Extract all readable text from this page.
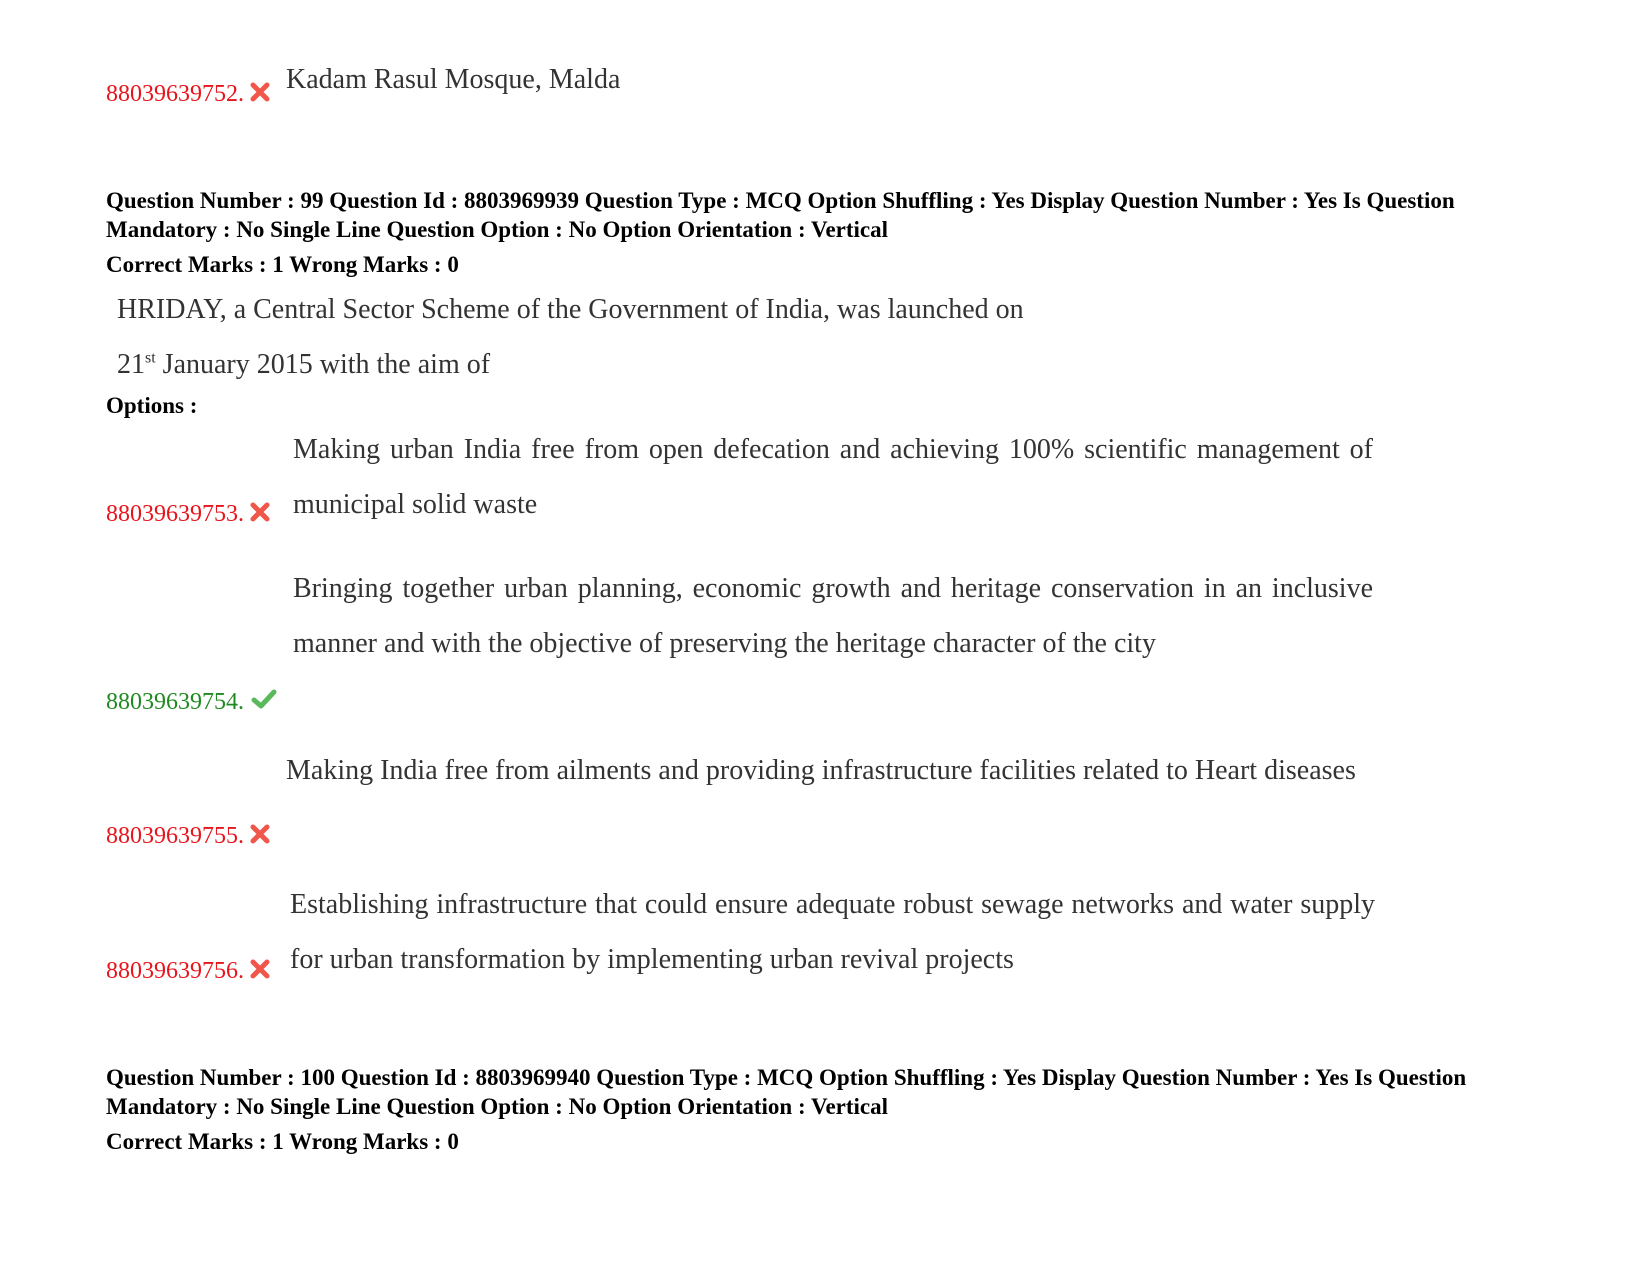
88039639752. Kadam Rasul Mosque, Malda
Question Number : 99 Question Id : 8803969939 Question Type : MCQ Option Shuffling : Yes Display Question Number : Yes Is Question Mandatory : No Single Line Question Option : No Option Orientation : Vertical
Correct Marks : 1 Wrong Marks : 0
HRIDAY, a Central Sector Scheme of the Government of India, was launched on
21st January 2015 with the aim of
Options :
Making urban India free from open defecation and achieving 100% scientific management of municipal solid waste
88039639753.
Bringing together urban planning, economic growth and heritage conservation in an inclusive manner and with the objective of preserving the heritage character of the city
88039639754.
Making India free from ailments and providing infrastructure facilities related to Heart diseases
88039639755.
Establishing infrastructure that could ensure adequate robust sewage networks and water supply for urban transformation by implementing urban revival projects
88039639756.
Question Number : 100 Question Id : 8803969940 Question Type : MCQ Option Shuffling : Yes Display Question Number : Yes Is Question Mandatory : No Single Line Question Option : No Option Orientation : Vertical
Correct Marks : 1 Wrong Marks : 0
